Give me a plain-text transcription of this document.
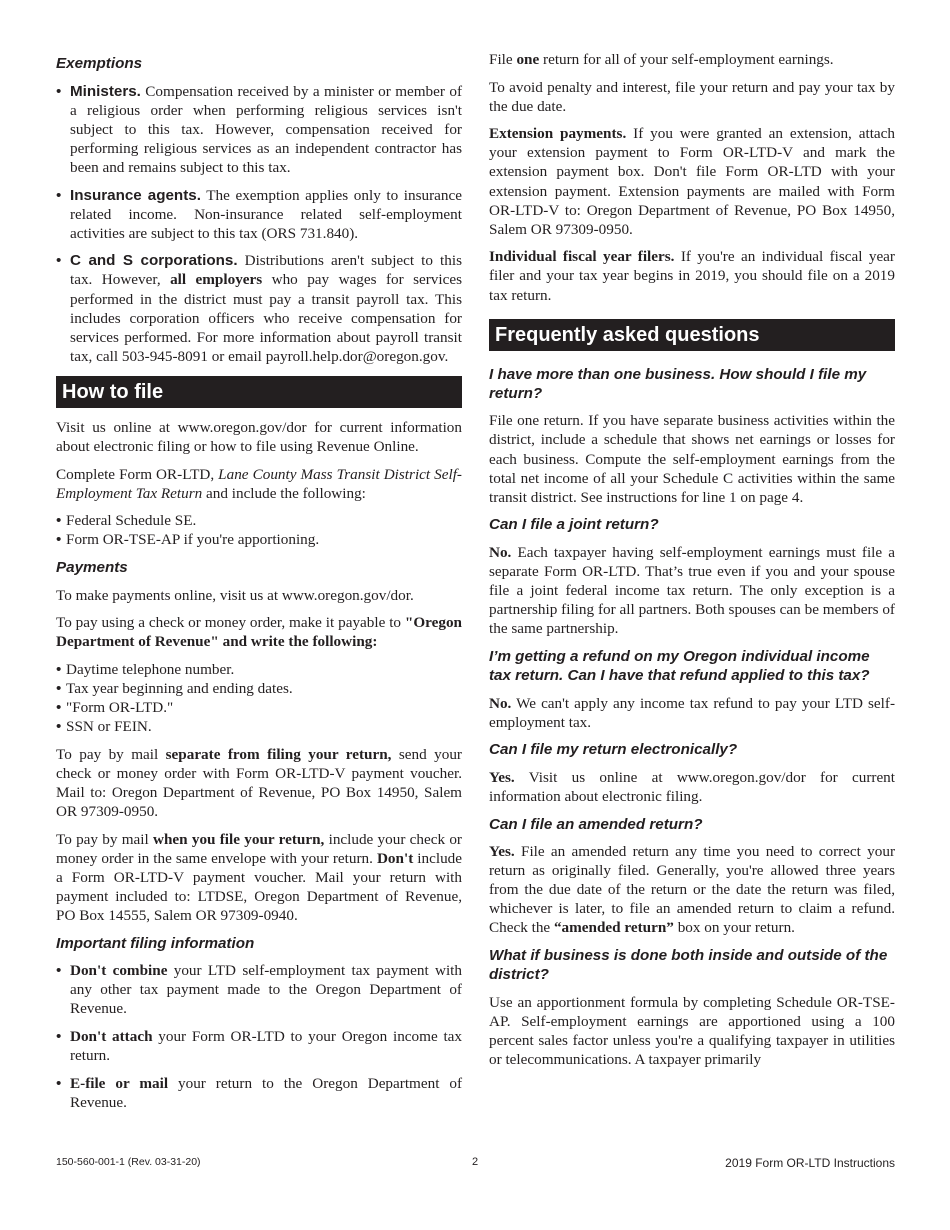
Exemptions
• Ministers. Compensation received by a minister or member of a religious order when performing religious services isn't subject to this tax. However, compensation received for performing religious services as an independent contractor has been and remains subject to this tax.
• Insurance agents. The exemption applies only to insurance related income. Non-insurance related self-employment activities are subject to this tax (ORS 731.840).
• C and S corporations. Distributions aren't subject to this tax. However, all employers who pay wages for services performed in the district must pay a transit payroll tax. This includes corporation officers who receive compensation for services performed. For more information about payroll transit tax, call 503-945-8091 or email payroll.help.dor@oregon.gov.
How to file

Visit us online at www.oregon.gov/dor for current information about electronic filing or how to file using Revenue Online.

Complete Form OR-LTD, Lane County Mass Transit District Self-Employment Tax Return and include the following:

• Federal Schedule SE.
• Form OR-TSE-AP if you're apportioning.
Payments

To make payments online, visit us at www.oregon.gov/dor.

To pay using a check or money order, make it payable to "Oregon Department of Revenue" and write the following:

• Daytime telephone number.
• Tax year beginning and ending dates.
• "Form OR-LTD."
• SSN or FEIN.

To pay by mail separate from filing your return, send your check or money order with Form OR-LTD-V payment voucher. Mail to: Oregon Department of Revenue, PO Box 14950, Salem OR 97309-0950.

To pay by mail when you file your return, include your check or money order in the same envelope with your return. Don't include a Form OR-LTD-V payment voucher. Mail your return with payment included to: LTDSE, Oregon Department of Revenue, PO Box 14555, Salem OR 97309-0940.

Important filing information
• Don't combine your LTD self-employment tax payment with any other tax payment made to the Oregon Department of Revenue.
• Don't attach your Form OR-LTD to your Oregon income tax return.
• E-file or mail your return to the Oregon Department of Revenue.

File one return for all of your self-employment earnings.

To avoid penalty and interest, file your return and pay your tax by the due date.

Extension payments. If you were granted an extension, attach your extension payment to Form OR-LTD-V and mark the extension payment box. Don't file Form OR-LTD with your extension payment. Extension payments are mailed with Form OR-LTD-V to: Oregon Department of Revenue, PO Box 14950, Salem OR 97309-0950.

Individual fiscal year filers. If you're an individual fiscal year filer and your tax year begins in 2019, you should file on a 2019 tax return.

Frequently asked questions
I have more than one business. How should I file my return?

File one return. If you have separate business activities within the district, include a schedule that shows net earnings or losses for each business. Compute the self-employment earnings from the total net income of all your Schedule C activities within the same transit district. See instructions for line 1 on page 4.

Can I file a joint return?

No. Each taxpayer having self-employment earnings must file a separate Form OR-LTD. That’s true even if you and your spouse file a joint federal income tax return. The only exception is a partnership filing for all partners. Both spouses can be members of the same partnership.

I’m getting a refund on my Oregon individual income tax return. Can I have that refund applied to this tax?

No. We can't apply any income tax refund to pay your LTD self-employment tax.

Can I file my return electronically?

Yes. Visit us online at www.oregon.gov/dor for current information about electronic filing.

Can I file an amended return?

Yes. File an amended return any time you need to correct your return as originally filed. Generally, you're allowed three years from the due date of the return or the date the return was filed, whichever is later, to file an amended return to claim a refund. Check the “amended return” box on your return.

What if business is done both inside and outside of the district?

Use an apportionment formula by completing Schedule OR-TSE-AP. Self-employment earnings are apportioned using a 100 percent sales factor unless you're a qualifying taxpayer in utilities or telecommunications. A taxpayer primarily

150-560-001-1 (Rev. 03-31-20)	2	2019 Form OR-LTD Instructions
